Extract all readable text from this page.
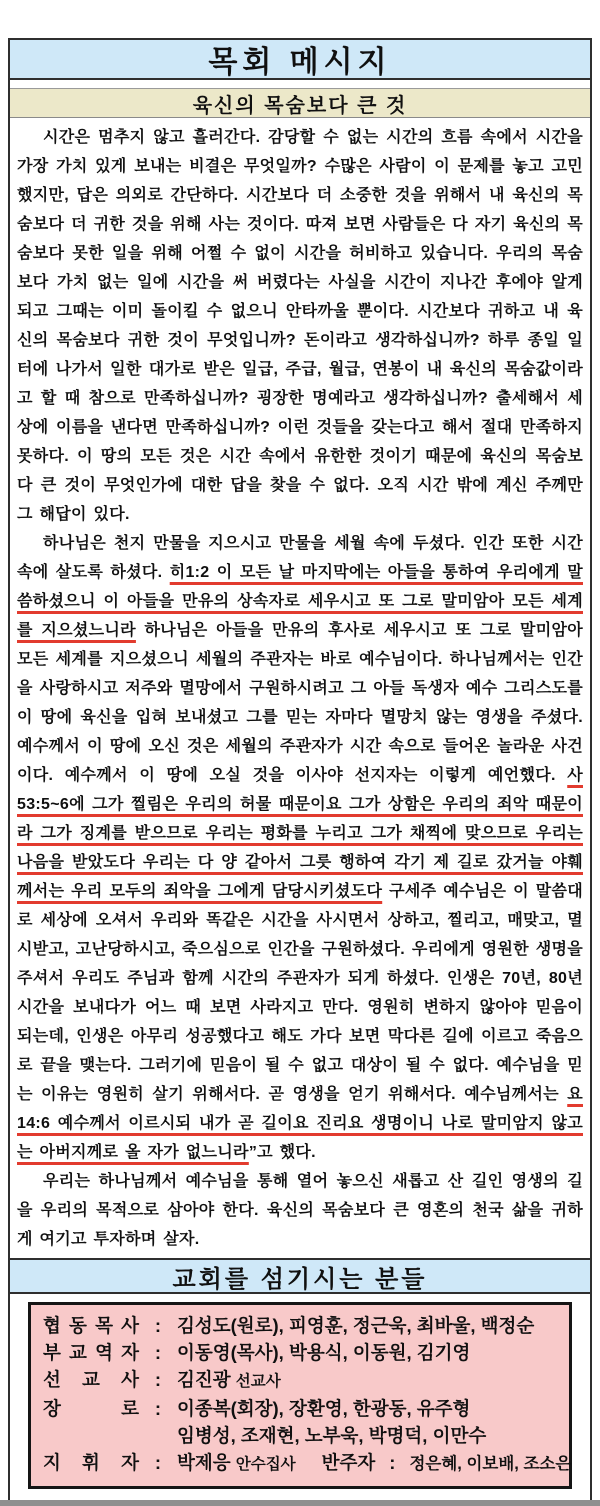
목회 메시지
육신의 목숨보다 큰 것

시간은 멈추지 않고 흘러간다. 감당할 수 없는 시간의 흐름 속에서 시간을 가장 가치 있게 보내는 비결은 무엇일까? 수많은 사람이 이 문제를 놓고 고민했지만, 답은 의외로 간단하다. 시간보다 더 소중한 것을 위해서 내 육신의 목숨보다 더 귀한 것을 위해 사는 것이다. 따져 보면 사람들은 다 자기 육신의 목숨보다 못한 일을 위해 어쩔 수 없이 시간을 허비하고 있습니다. 우리의 목숨보다 가치 없는 일에 시간을 써 버렸다는 사실을 시간이 지나간 후에야 알게 되고 그때는 이미 돌이킬 수 없으니 안타까울 뿐이다. 시간보다 귀하고 내 육신의 목숨보다 귀한 것이 무엇입니까? 돈이라고 생각하십니까? 하루 종일 일터에 나가서 일한 대가로 받은 일급, 주급, 월급, 연봉이 내 육신의 목숨값이라고 할 때 참으로 만족하십니까? 굉장한 명예라고 생각하십니까? 출세해서 세상에 이름을 낸다면 만족하십니까? 이런 것들을 갖는다고 해서 절대 만족하지 못하다. 이 땅의 모든 것은 시간 속에서 유한한 것이기 때문에 육신의 목숨보다 큰 것이 무엇인가에 대한 답을 찾을 수 없다. 오직 시간 밖에 계신 주께만 그 해답이 있다.

하나님은 천지 만물을 지으시고 만물을 세월 속에 두셨다. 인간 또한 시간 속에 살도록 하셨다. 히1:2 이 모든 날 마지막에는 아들을 통하여 우리에게 말씀하셨으니 이 아들을 만유의 상속자로 세우시고 또 그로 말미암아 모든 세계를 지으셨느니라 하나님은 아들을 만유의 후사로 세우시고 또 그로 말미암아 모든 세계를 지으셨으니 세월의 주관자는 바로 예수님이다. 하나님께서는 인간을 사랑하시고 저주와 멸망에서 구원하시려고 그 아들 독생자 예수 그리스도를 이 땅에 육신을 입혀 보내셨고 그를 믿는 자마다 멸망치 않는 영생을 주셨다. 예수께서 이 땅에 오신 것은 세월의 주관자가 시간 속으로 들어온 놀라운 사건이다. 예수께서 이 땅에 오실 것을 이사야 선지자는 이렇게 예언했다. 사53:5~6에 그가 찔림은 우리의 허물 때문이요 그가 상함은 우리의 죄악 때문이라 그가 징계를 받으므로 우리는 평화를 누리고 그가 채찍에 맞으므로 우리는 나음을 받았도다 우리는 다 양 같아서 그릇 행하여 각기 제 길로 갔거늘 야훼께서는 우리 모두의 죄악을 그에게 담당시키셨도다 구세주 예수님은 이 말씀대로 세상에 오셔서 우리와 똑같은 시간을 사시면서 상하고, 찔리고, 매맞고, 멸시받고, 고난당하시고, 죽으심으로 인간을 구원하셨다. 우리에게 영원한 생명을 주셔서 우리도 주님과 함께 시간의 주관자가 되게 하셨다. 인생은 70년, 80년 시간을 보내다가 어느 때 보면 사라지고 만다. 영원히 변하지 않아야 믿음이 되는데, 인생은 아무리 성공했다고 해도 가다 보면 막다른 길에 이르고 죽음으로 끝을 맺는다. 그러기에 믿음이 될 수 없고 대상이 될 수 없다. 예수님을 믿는 이유는 영원히 살기 위해서다. 곧 영생을 얻기 위해서다. 예수님께서는 요14:6 예수께서 이르시되 내가 곧 길이요 진리요 생명이니 나로 말미암지 않고는 아버지께로 올 자가 없느니라”고 했다.

우리는 하나님께서 예수님을 통해 열어 놓으신 새롭고 산 길인 영생의 길을 우리의 목적으로 삼아야 한다. 육신의 목숨보다 큰 영혼의 천국 삶을 귀하게 여기고 투자하며 살자.

교회를 섬기시는 분들
협 동 목 사 : 김성도(원로), 피영훈, 정근욱, 최바울, 백정순
부 교 역 자 : 이동영(목사), 박용식, 이동원, 김기영
선 교 사 : 김진광 선교사
장 로 : 이종복(회장), 장환영, 한광동, 유주형
임병성, 조재현, 노부욱, 박명덕, 이만수
지 휘 자 : 박제응 안수집사 반주자 : 정은혜, 이보배, 조소은
